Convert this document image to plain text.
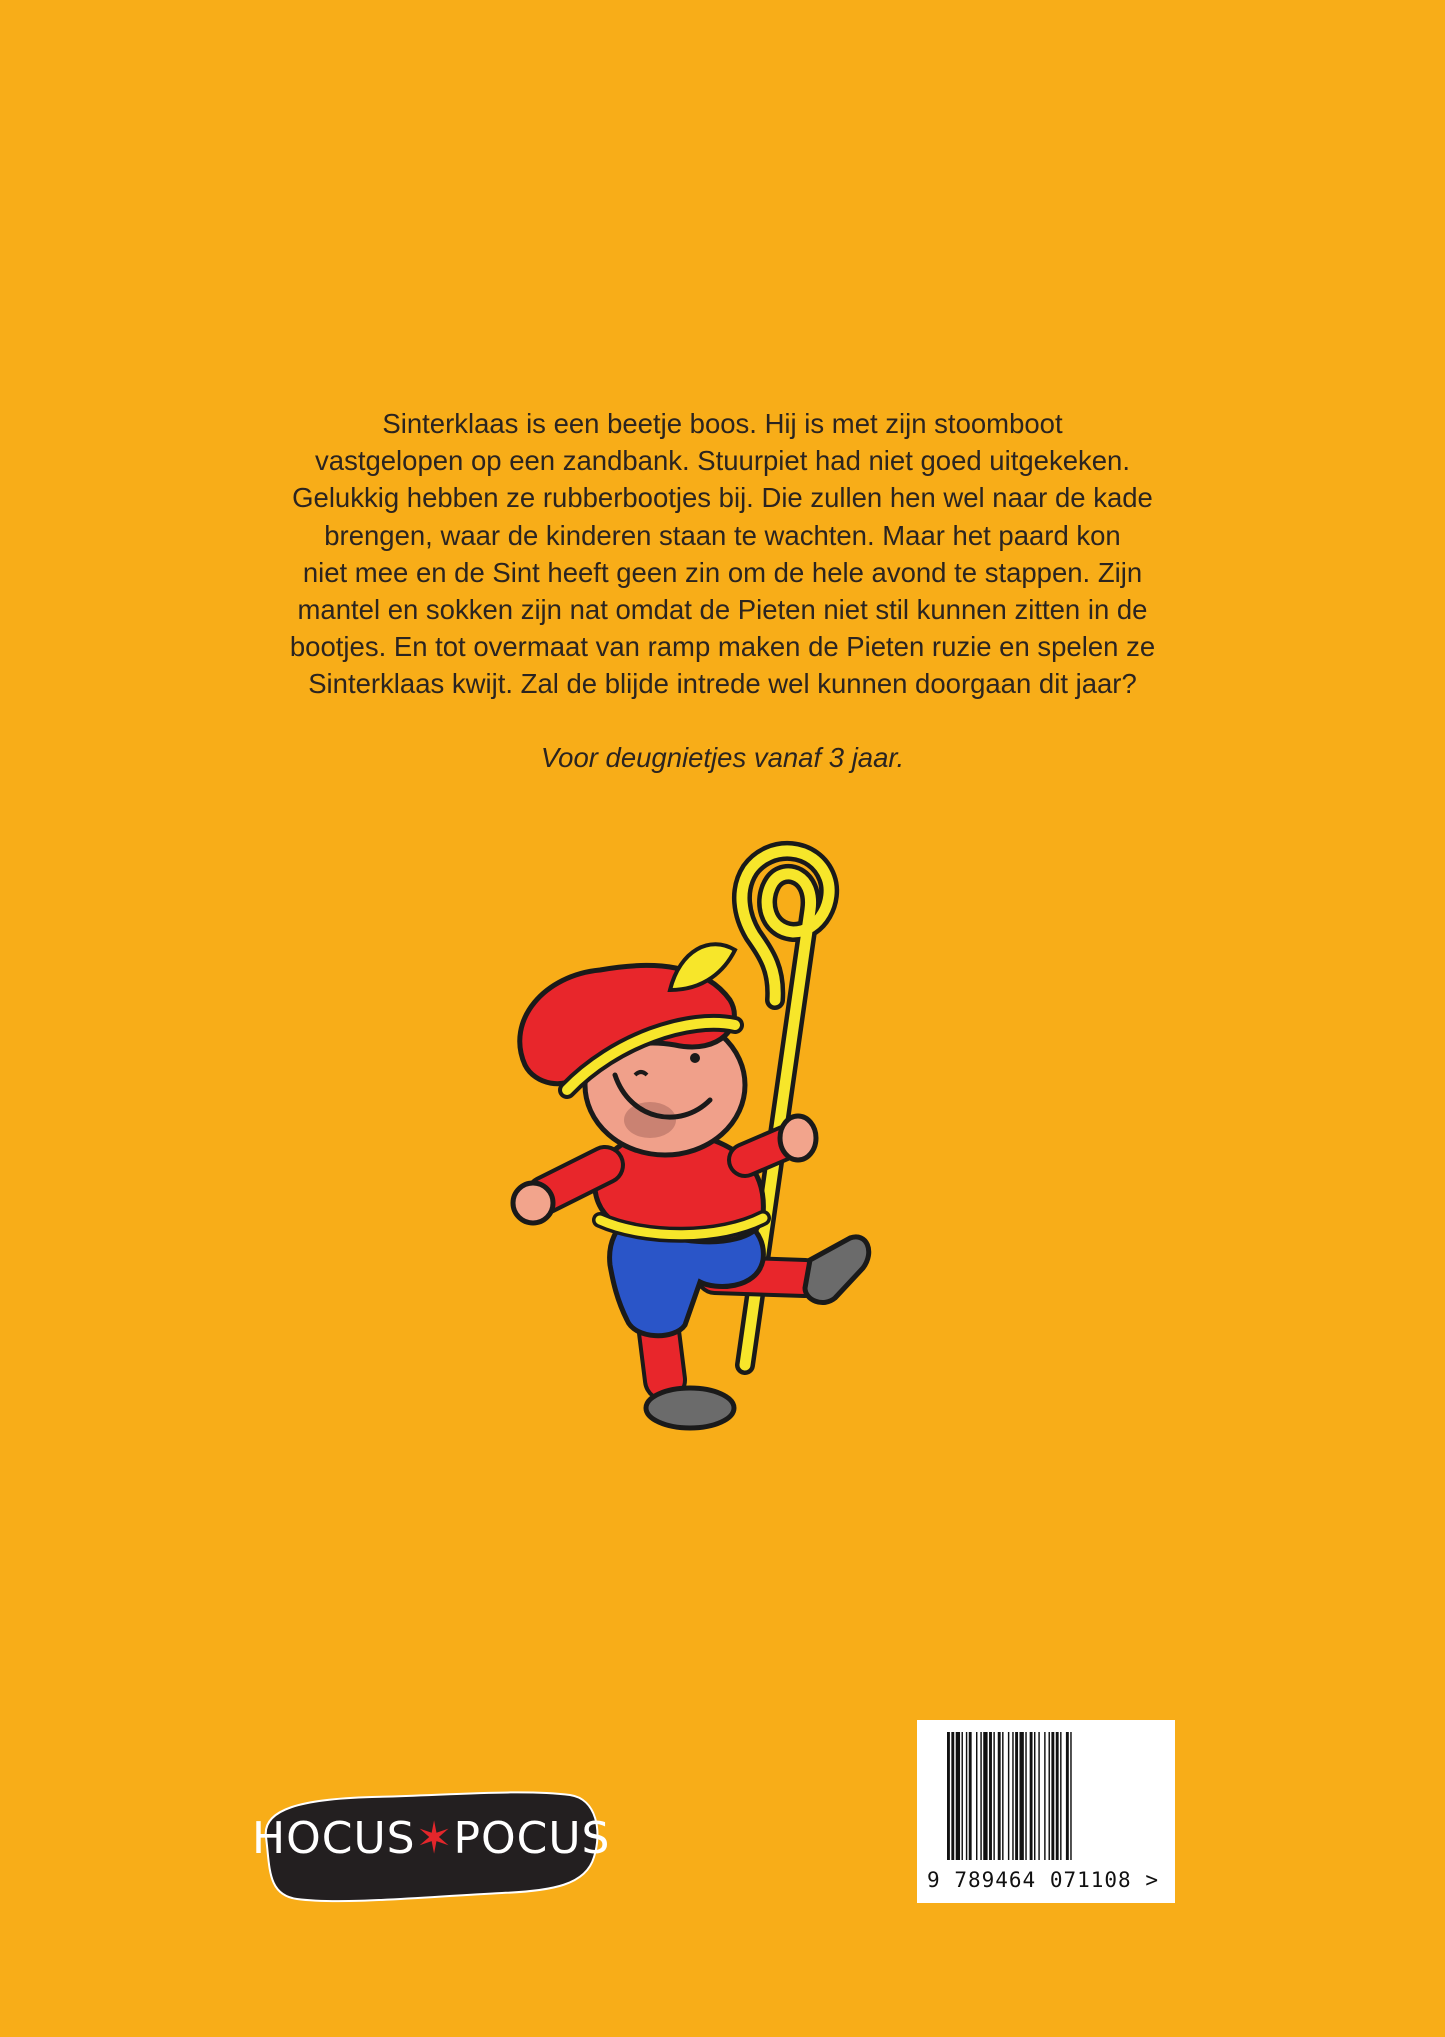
Sinterklaas is een beetje boos. Hij is met zijn stoomboot

vastgelopen op een zandbank. Stuurpiet had niet goed uitgekeken.

Gelukkig hebben ze rubberbootjes bij. Die zullen hen wel naar de kade

brengen, waar de kinderen staan te wachten. Maar het paard kon

niet mee en de Sint heeft geen zin om de hele avond te stappen. Zijn

mantel en sokken zijn nat omdat de Pieten niet stil kunnen zitten in de

bootjes. En tot overmaat van ramp maken de Pieten ruzie en spelen ze

Sinterklaas kwijt. Zal de blijde intrede wel kunnen doorgaan dit jaar?

Voor deugnietjes vanaf 3 jaar.
HOCUS✶POCUS
9 789464 071108 >
